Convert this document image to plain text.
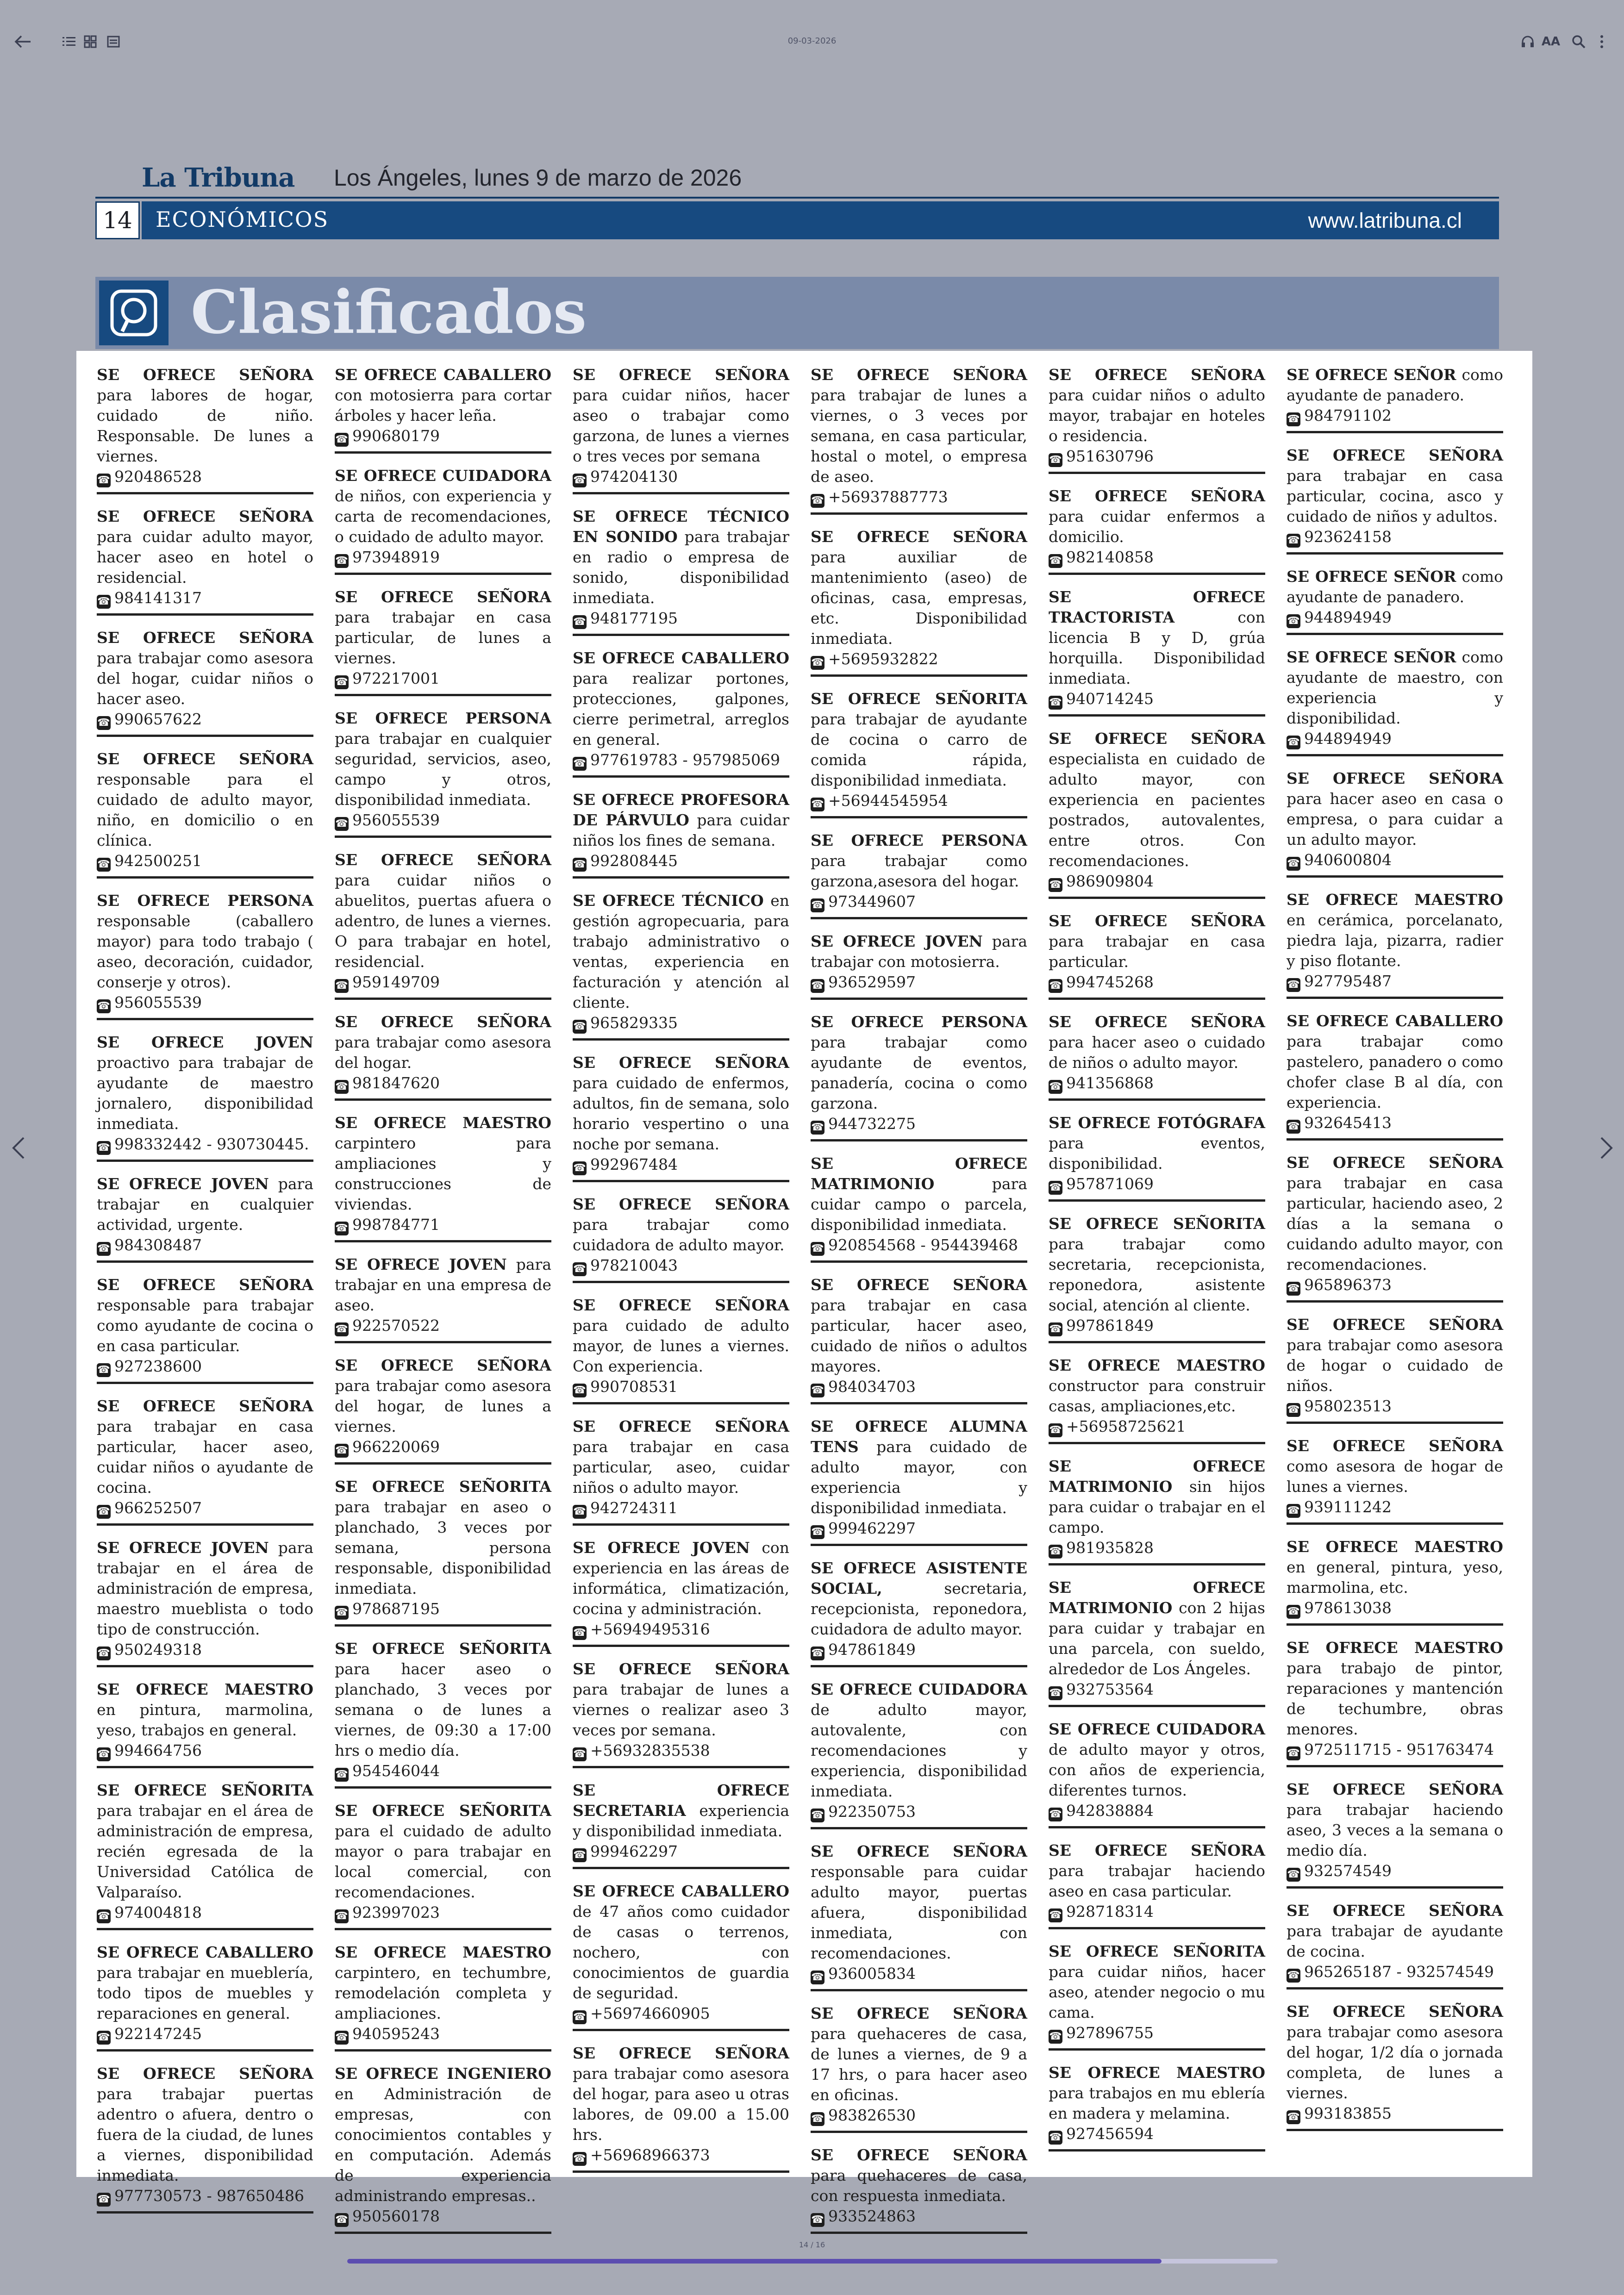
09-03-2026	AA
La Tribuna Los Ángeles, lunes 9 de marzo de 2026
14	ECONÓMICOS	www.latribuna.cl
Clasificados

SE OFRECE SEÑORA para labores de hogar, cuidado de niño. Responsable. De lunes a viernes.

☎ 920486528

SE OFRECE SEÑORA para cuidar adulto mayor, hacer aseo en hotel o residencial.

☎ 984141317

SE OFRECE SEÑORA para trabajar como asesora del hogar, cuidar niños o hacer aseo.

☎ 990657622

SE OFRECE SEÑORA responsable para el cuidado de adulto mayor, niño, en domicilio o en clínica.

☎ 942500251

SE OFRECE PERSONA responsable (caballero mayor) para todo trabajo ( aseo, decoración, cuidador, conserje y otros).

☎ 956055539

SE OFRECE JOVEN proactivo para trabajar de ayudante de maestro jornalero, disponibilidad inmediata.

☎ 998332442 - 930730445.

SE OFRECE JOVEN para trabajar en cualquier actividad, urgente.

☎ 984308487

SE OFRECE SEÑORA responsable para trabajar como ayudante de cocina o en casa particular.

☎ 927238600

SE OFRECE SEÑORA para trabajar en casa particular, hacer aseo, cuidar niños o ayudante de cocina.

☎ 966252507

SE OFRECE JOVEN para trabajar en el área de administración de empresa, maestro mueblista o todo tipo de construcción.

☎ 950249318

SE OFRECE MAESTRO en pintura, marmolina, yeso, trabajos en general.

☎ 994664756

SE OFRECE SEÑORITA para trabajar en el área de administración de empresa, recién egresada de la Universidad Católica de Valparaíso.

☎ 974004818

SE OFRECE CABALLERO para trabajar en mueblería, todo tipos de muebles y reparaciones en general.

☎ 922147245

SE OFRECE SEÑORA para trabajar puertas adentro o afuera, dentro o fuera de la ciudad, de lunes a viernes, disponibilidad inmediata.

☎ 977730573 - 987650486

SE OFRECE CABALLERO con motosierra para cortar árboles y hacer leña.

☎ 990680179

SE OFRECE CUIDADORA de niños, con experiencia y carta de recomendaciones, o cuidado de adulto mayor.

☎ 973948919

SE OFRECE SEÑORA para trabajar en casa particular, de lunes a viernes.

☎ 972217001

SE OFRECE PERSONA para trabajar en cualquier seguridad, servicios, aseo, campo y otros, disponibilidad inmediata.

☎ 956055539

SE OFRECE SEÑORA para cuidar niños o abuelitos, puertas afuera o adentro, de lunes a viernes. O para trabajar en hotel, residencial.

☎ 959149709

SE OFRECE SEÑORA para trabajar como asesora del hogar.

☎ 981847620

SE OFRECE MAESTRO carpintero para ampliaciones y construcciones de viviendas.

☎ 998784771

SE OFRECE JOVEN para trabajar en una empresa de aseo.

☎ 922570522

SE OFRECE SEÑORA para trabajar como asesora del hogar, de lunes a viernes.

☎ 966220069

SE OFRECE SEÑORITA para trabajar en aseo o planchado, 3 veces por semana, persona responsable, disponibilidad inmediata.

☎ 978687195

SE OFRECE SEÑORITA para hacer aseo o planchado, 3 veces por semana o de lunes a viernes, de 09:30 a 17:00 hrs o medio día.

☎ 954546044

SE OFRECE SEÑORITA para el cuidado de adulto mayor o para trabajar en local comercial, con recomendaciones.

☎ 923997023

SE OFRECE MAESTRO carpintero, en techumbre, remodelación completa y ampliaciones.

☎ 940595243

SE OFRECE INGENIERO en Administración de empresas, con conocimientos contables y en computación. Además de experiencia administrando empresas..

☎ 950560178

SE OFRECE SEÑORA para cuidar niños, hacer aseo o trabajar como garzona, de lunes a viernes o tres veces por semana

☎ 974204130

SE OFRECE TÉCNICO EN SONIDO para trabajar en radio o empresa de sonido, disponibilidad inmediata.

☎ 948177195

SE OFRECE CABALLERO para realizar portones, protecciones, galpones, cierre perimetral, arreglos en general.

☎ 977619783 - 957985069

SE OFRECE PROFESORA DE PÁRVULO para cuidar niños los fines de semana.

☎ 992808445

SE OFRECE TÉCNICO en gestión agropecuaria, para trabajo administrativo o ventas, experiencia en facturación y atención al cliente.

☎ 965829335

SE OFRECE SEÑORA para cuidado de enfermos, adultos, fin de semana, solo horario vespertino o una noche por semana.

☎ 992967484

SE OFRECE SEÑORA para trabajar como cuidadora de adulto mayor.

☎ 978210043

SE OFRECE SEÑORA para cuidado de adulto mayor, de lunes a viernes. Con experiencia.

☎ 990708531

SE OFRECE SEÑORA para trabajar en casa particular, aseo, cuidar niños o adulto mayor.

☎ 942724311

SE OFRECE JOVEN con experiencia en las áreas de informática, climatización, cocina y administración.

☎ +56949495316

SE OFRECE SEÑORA para trabajar de lunes a viernes o realizar aseo 3 veces por semana.

☎ +56932835538

SE OFRECE SECRETARIA experiencia y disponibilidad inmediata.

☎ 999462297

SE OFRECE CABALLERO de 47 años como cuidador de casas o terrenos, nochero, con conocimientos de guardia de seguridad.

☎ +56974660905

SE OFRECE SEÑORA para trabajar como asesora del hogar, para aseo u otras labores, de 09.00 a 15.00 hrs.

☎ +56968966373

SE OFRECE SEÑORA para trabajar de lunes a viernes, o 3 veces por semana, en casa particular, hostal o motel, o empresa de aseo.

☎ +56937887773

SE OFRECE SEÑORA para auxiliar de mantenimiento (aseo) de oficinas, casa, empresas, etc. Disponibilidad inmediata.

☎ +5695932822

SE OFRECE SEÑORITA para trabajar de ayudante de cocina o carro de comida rápida, disponibilidad inmediata.

☎ +56944545954

SE OFRECE PERSONA para trabajar como garzona,asesora del hogar.

☎ 973449607

SE OFRECE JOVEN para trabajar con motosierra.

☎ 936529597

SE OFRECE PERSONA para trabajar como ayudante de eventos, panadería, cocina o como garzona.

☎ 944732275

SE OFRECE MATRIMONIO	para cuidar campo o parcela, disponibilidad inmediata.

☎ 920854568 - 954439468

SE OFRECE SEÑORA para trabajar en casa particular, hacer aseo, cuidado de niños o adultos mayores.

☎ 984034703

SE OFRECE ALUMNA TENS para cuidado de adulto mayor, con experiencia y disponibilidad inmediata.

☎ 999462297

SE OFRECE ASISTENTE SOCIAL,	secretaria, recepcionista, reponedora, cuidadora de adulto mayor.

☎ 947861849

SE OFRECE CUIDADORA de adulto mayor, autovalente, con recomendaciones y experiencia, disponibilidad inmediata.

☎ 922350753

SE OFRECE SEÑORA responsable para cuidar adulto mayor, puertas afuera, disponibilidad inmediata, con recomendaciones.

☎ 936005834

SE OFRECE SEÑORA para quehaceres de casa, de lunes a viernes, de 9 a 17 hrs, o para hacer aseo en oficinas.

☎ 983826530

SE OFRECE SEÑORA para quehaceres de casa, con respuesta inmediata.

☎ 933524863

SE OFRECE SEÑORA para cuidar niños o adulto mayor, trabajar en hoteles o residencia.

☎ 951630796

SE OFRECE SEÑORA para cuidar enfermos a domicilio.

☎ 982140858

SE OFRECE TRACTORISTA	con licencia B y D, grúa horquilla. Disponibilidad inmediata.

☎ 940714245

SE OFRECE SEÑORA especialista en cuidado de adulto mayor, con experiencia en pacientes postrados, autovalentes, entre otros. Con recomendaciones.

☎ 986909804

SE OFRECE SEÑORA para trabajar en casa particular.

☎ 994745268

SE OFRECE SEÑORA para hacer aseo o cuidado de niños o adulto mayor.

☎ 941356868

SE OFRECE FOTÓGRAFA para eventos, disponibilidad.

☎ 957871069

SE OFRECE SEÑORITA para trabajar como secretaria, recepcionista, reponedora, asistente social, atención al cliente.

☎ 997861849

SE OFRECE MAESTRO constructor para construir casas, ampliaciones,etc.

☎ +56958725621

SE OFRECE MATRIMONIO sin hijos para cuidar o trabajar en el campo.

☎ 981935828

SE OFRECE MATRIMONIO con 2 hijas para cuidar y trabajar en una parcela, con sueldo, alrededor de Los Ángeles.

☎ 932753564

SE OFRECE CUIDADORA de adulto mayor y otros, con años de experiencia, diferentes turnos.

☎ 942838884

SE OFRECE SEÑORA para trabajar haciendo aseo en casa particular.

☎ 928718314

SE OFRECE SEÑORITA para cuidar niños, hacer aseo, atender negocio o mu cama.

☎ 927896755

SE OFRECE MAESTRO para trabajos en mu eblería en madera y melamina.

☎ 927456594

SE OFRECE SEÑOR como ayudante de panadero.

☎ 984791102

SE OFRECE SEÑORA para trabajar en casa particular, cocina, asco y cuidado de niños y adultos.

☎ 923624158

SE OFRECE SEÑOR como ayudante de panadero.

☎ 944894949

SE OFRECE SEÑOR como ayudante de maestro, con experiencia y disponibilidad.

☎ 944894949

SE OFRECE SEÑORA para hacer aseo en casa o empresa, o para cuidar a un adulto mayor.

☎ 940600804

SE OFRECE MAESTRO en cerámica, porcelanato, piedra laja, pizarra, radier y piso flotante.

☎ 927795487

SE OFRECE CABALLERO para trabajar como pastelero, panadero o como chofer clase B al día, con experiencia.

☎ 932645413

SE OFRECE SEÑORA para trabajar en casa particular, haciendo aseo, 2 días a la semana o cuidando adulto mayor, con recomendaciones.

☎ 965896373

SE OFRECE SEÑORA para trabajar como asesora de hogar o cuidado de niños.

☎ 958023513

SE OFRECE SEÑORA como asesora de hogar de lunes a viernes.

☎ 939111242

SE OFRECE MAESTRO en general, pintura, yeso, marmolina, etc.

☎ 978613038

SE OFRECE MAESTRO para trabajo de pintor, reparaciones y mantención de techumbre, obras menores.

☎ 972511715 - 951763474

SE OFRECE SEÑORA para trabajar haciendo aseo, 3 veces a la semana o medio día.

☎ 932574549

SE OFRECE SEÑORA para trabajar de ayudante de cocina.

☎ 965265187 - 932574549

SE OFRECE SEÑORA para trabajar como asesora del hogar, 1/2 día o jornada completa, de lunes a viernes.

☎ 993183855
14 / 16
